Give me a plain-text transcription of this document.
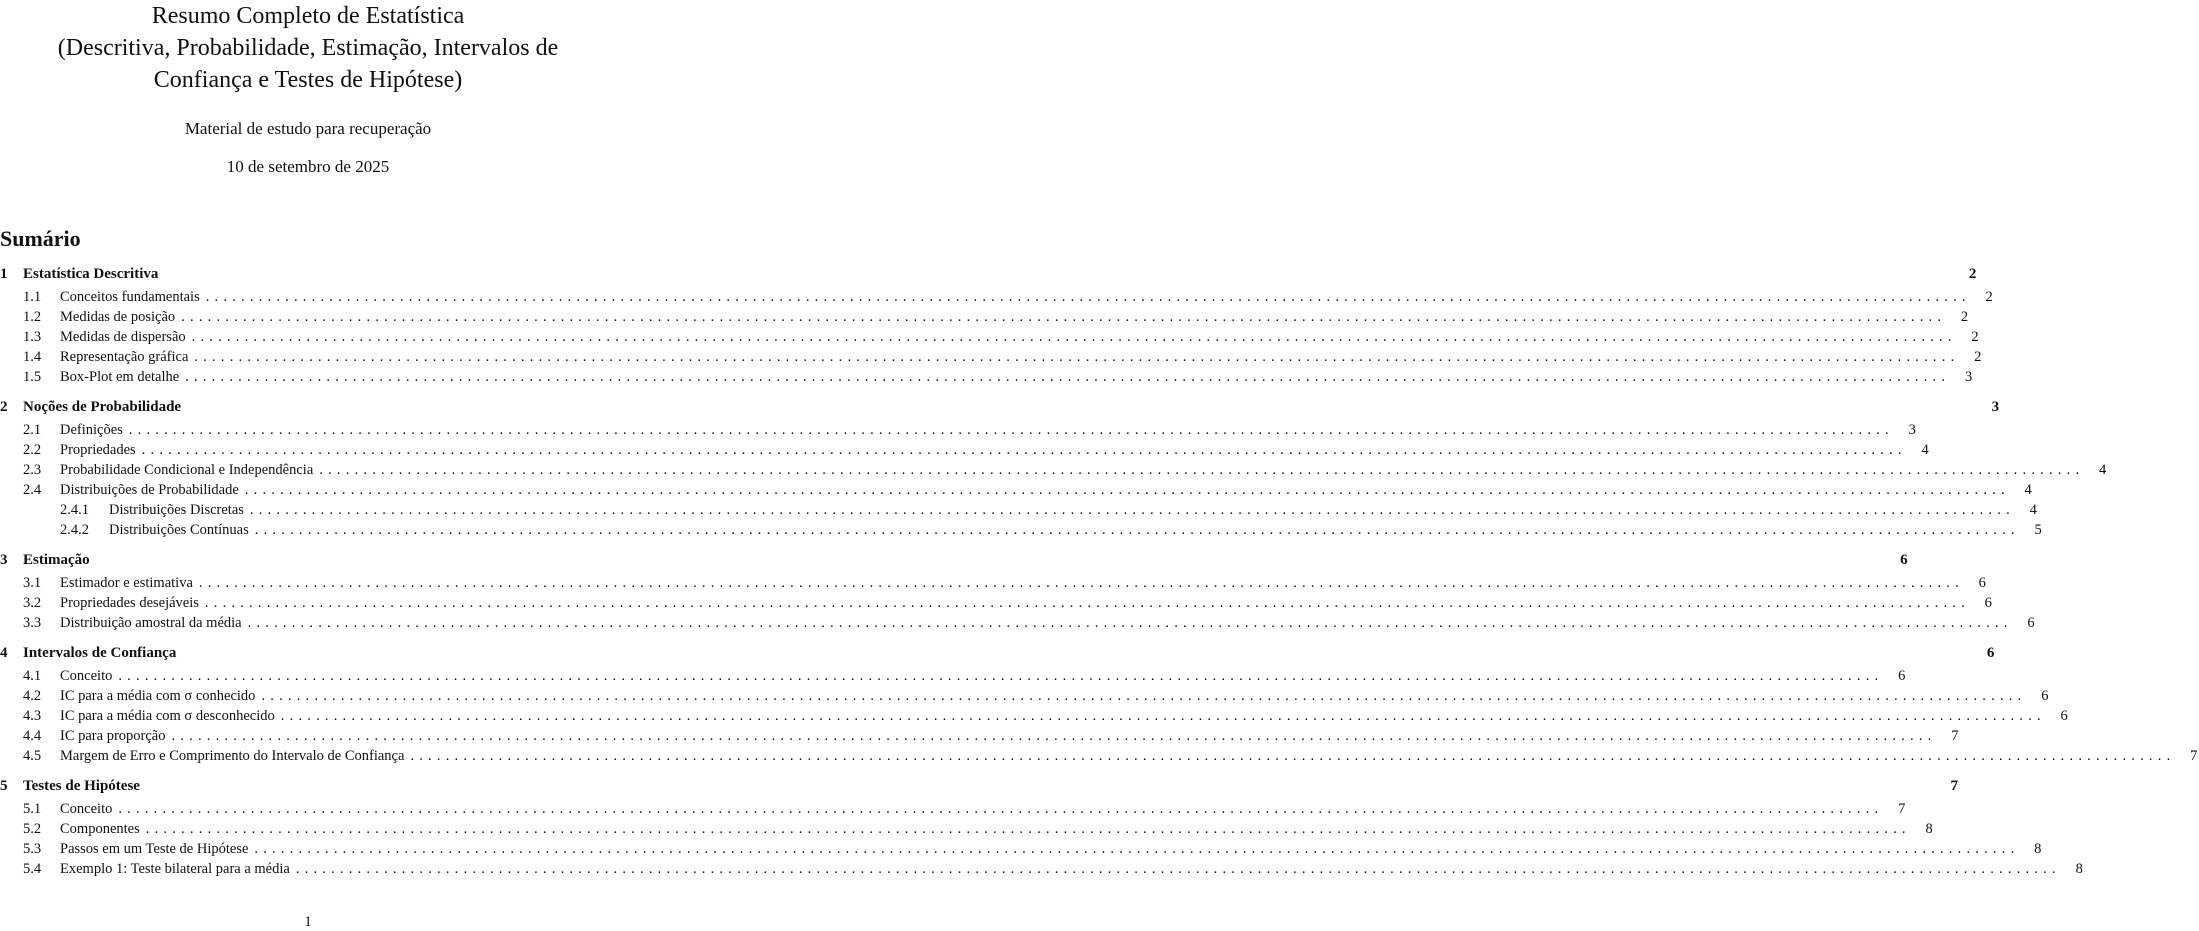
Resumo Completo de Estatística
(Descritiva, Probabilidade, Estimação, Intervalos de
Confiança e Testes de Hipótese)
Material de estudo para recuperação
10 de setembro de 2025
Sumário
1	Estatística Descritiva	2
1.1	Conceitos fundamentais ........................................................................................................................................................................................................	2
1.2	Medidas de posição ........................................................................................................................................................................................................	2
1.3	Medidas de dispersão ........................................................................................................................................................................................................	2
1.4	Representação gráfica ........................................................................................................................................................................................................	2
1.5	Box-Plot em detalhe ........................................................................................................................................................................................................	3
2	Noções de Probabilidade	3
2.1	Definições ........................................................................................................................................................................................................	3
2.2	Propriedades ........................................................................................................................................................................................................	4
2.3	Probabilidade Condicional e Independência ........................................................................................................................................................................................................	4
2.4	Distribuições de Probabilidade ........................................................................................................................................................................................................	4
2.4.1	Distribuições Discretas ........................................................................................................................................................................................................	4
2.4.2	Distribuições Contínuas ........................................................................................................................................................................................................	5
3	Estimação	6
3.1	Estimador e estimativa ........................................................................................................................................................................................................	6
3.2	Propriedades desejáveis ........................................................................................................................................................................................................	6
3.3	Distribuição amostral da média ........................................................................................................................................................................................................	6
4	Intervalos de Confiança	6
4.1	Conceito ........................................................................................................................................................................................................	6
4.2	IC para a média com σ conhecido ........................................................................................................................................................................................................	6
4.3	IC para a média com σ desconhecido ........................................................................................................................................................................................................	6
4.4	IC para proporção ........................................................................................................................................................................................................	7
4.5	Margem de Erro e Comprimento do Intervalo de Confiança ........................................................................................................................................................................................................	7
5	Testes de Hipótese	7
5.1	Conceito ........................................................................................................................................................................................................	7
5.2	Componentes ........................................................................................................................................................................................................	8
5.3	Passos em um Teste de Hipótese ........................................................................................................................................................................................................	8
5.4	Exemplo 1: Teste bilateral para a média ........................................................................................................................................................................................................	8
1
